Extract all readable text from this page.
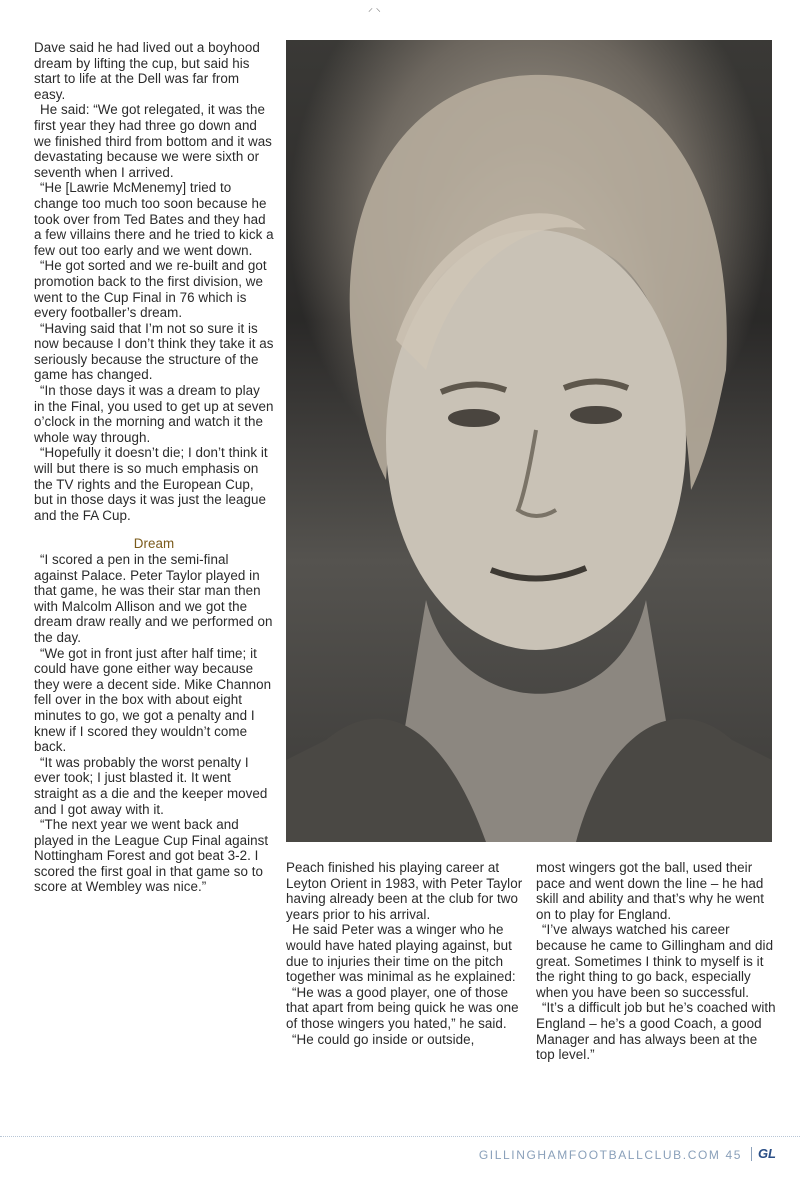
⸝ ⸜

Dave said he had lived out a boyhood dream by lifting the cup, but said his start to life at the Dell was far from easy.

He said: “We got relegated, it was the first year they had three go down and we finished third from bottom and it was devastating because we were sixth or seventh when I arrived.

“He [Lawrie McMenemy] tried to change too much too soon because he took over from Ted Bates and they had a few villains there and he tried to kick a few out too early and we went down.

“He got sorted and we re-built and got promotion back to the first division, we went to the Cup Final in 76 which is every footballer’s dream.

“Having said that I’m not so sure it is now because I don’t think they take it as seriously because the structure of the game has changed.

“In those days it was a dream to play in the Final, you used to get up at seven o’clock in the morning and watch it the whole way through.

“Hopefully it doesn’t die; I don’t think it will but there is so much emphasis on the TV rights and the European Cup, but in those days it was just the league and the FA Cup.

Dream

“I scored a pen in the semi-final against Palace. Peter Taylor played in that game, he was their star man then with Malcolm Allison and we got the dream draw really and we performed on the day.

“We got in front just after half time; it could have gone either way because they were a decent side. Mike Channon fell over in the box with about eight minutes to go, we got a penalty and I knew if I scored they wouldn’t come back.

“It was probably the worst penalty I ever took; I just blasted it. It went straight as a die and the keeper moved and I got away with it.

“The next year we went back and played in the League Cup Final against Nottingham Forest and got beat 3-2. I scored the first goal in that game so to score at Wembley was nice.”

Peach finished his playing career at Leyton Orient in 1983, with Peter Taylor having already been at the club for two years prior to his arrival.

He said Peter was a winger who he would have hated playing against, but due to injuries their time on the pitch together was minimal as he explained:

“He was a good player, one of those that apart from being quick he was one of those wingers you hated,” he said.

“He could go inside or outside,

most wingers got the ball, used their pace and went down the line – he had skill and ability and that’s why he went on to play for England.

“I’ve always watched his career because he came to Gillingham and did great. Sometimes I think to myself is it the right thing to go back, especially when you have been so successful.

“It’s a difficult job but he’s coached with England – he’s a good Coach, a good Manager and has always been at the top level.”

GILLINGHAMFOOTBALLCLUB.COM 45 GL
